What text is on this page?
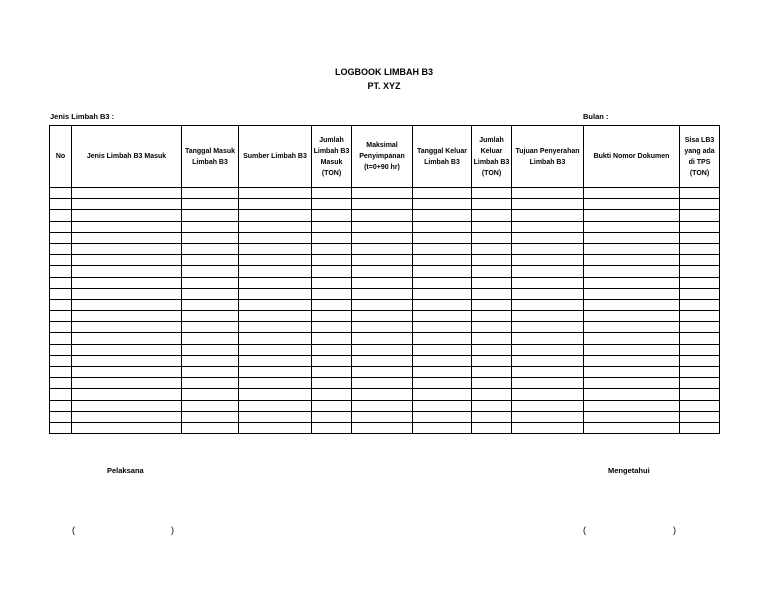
LOGBOOK LIMBAH B3
PT. XYZ
Jenis Limbah B3 :	Bulan :
No	Jenis Limbah B3 Masuk	Tanggal Masuk Limbah B3	Sumber Limbah B3	Jumlah Limbah B3 Masuk (TON)	Maksimal Penyimpanan (t=0+90 hr)	Tanggal Keluar Limbah B3	Jumlah Keluar Limbah B3 (TON)	Tujuan Penyerahan Limbah B3	Bukti Nomor Dokumen	Sisa LB3 yang ada di TPS (TON)

Pelaksana	Mengetahui
(	)	(	)
